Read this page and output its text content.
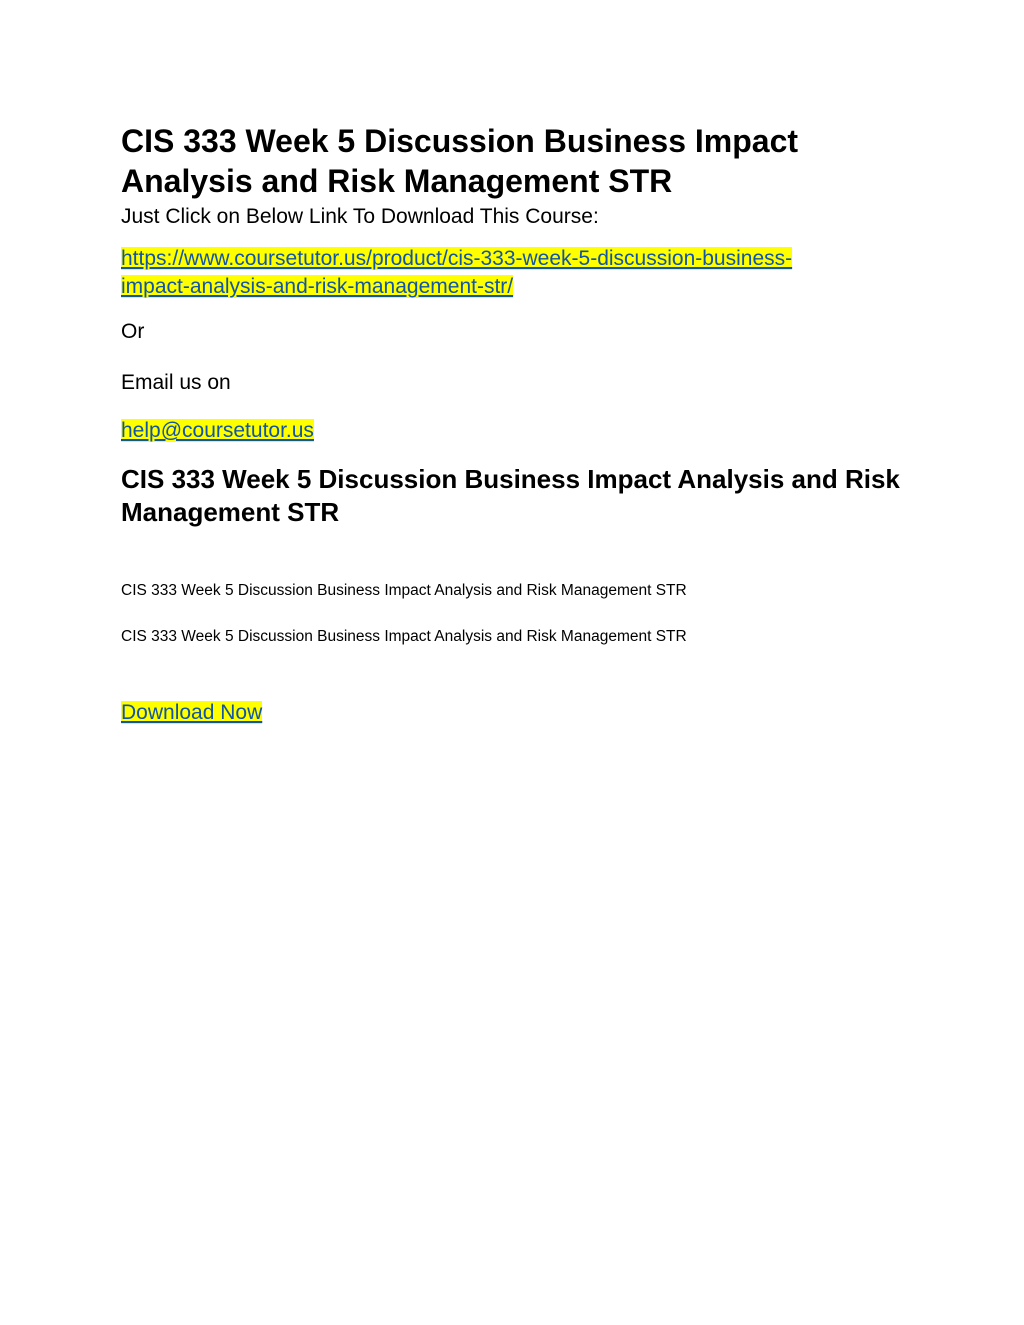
CIS 333 Week 5 Discussion Business Impact Analysis and Risk Management STR

Just Click on Below Link To Download This Course:

https://www.coursetutor.us/product/cis-333-week-5-discussion-business-
impact-analysis-and-risk-management-str/

Or

Email us on

help@coursetutor.us

CIS 333 Week 5 Discussion Business Impact Analysis and Risk Management STR

CIS 333 Week 5 Discussion Business Impact Analysis and Risk Management STR

CIS 333 Week 5 Discussion Business Impact Analysis and Risk Management STR

Download Now
